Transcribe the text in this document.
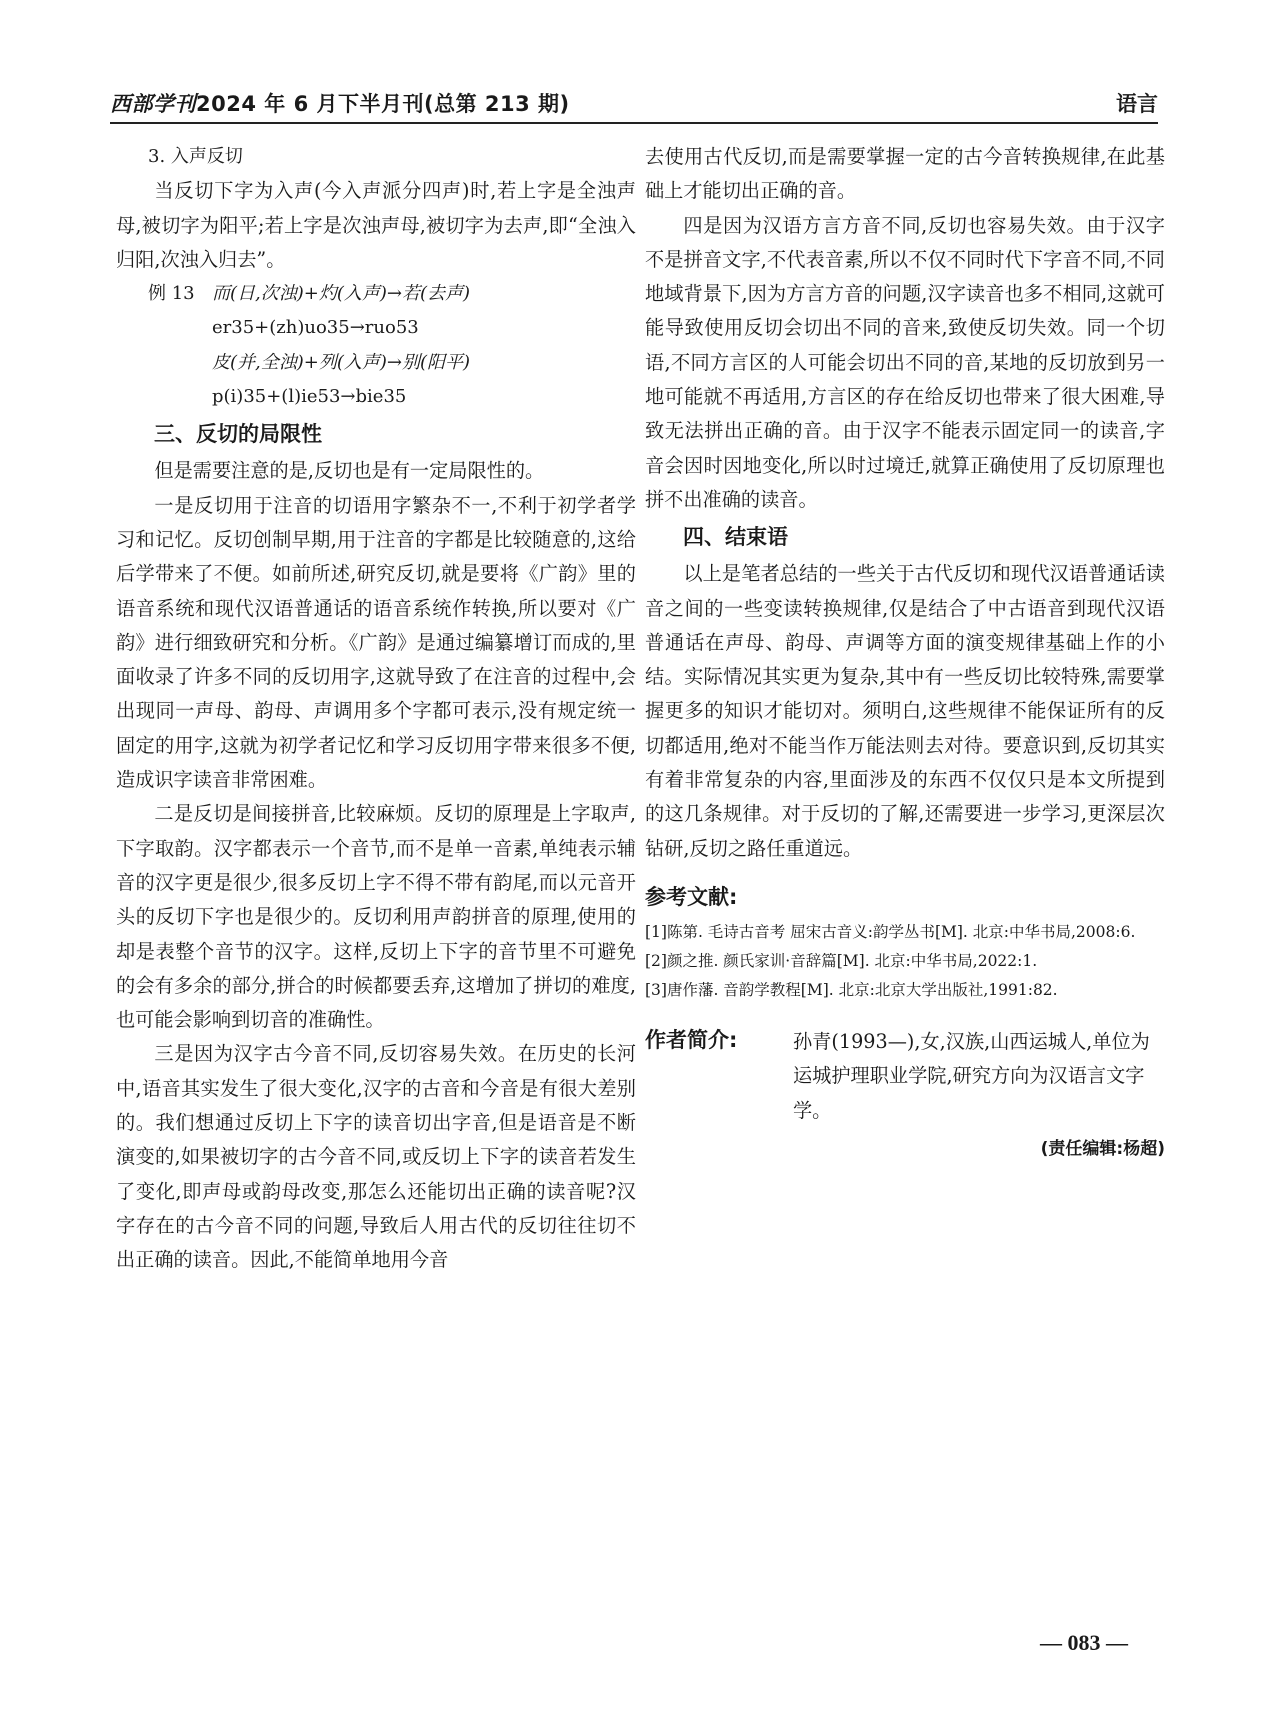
西部学刊2024 年 6 月下半月刊(总第 213 期)	语言
3. 入声反切

当反切下字为入声(今入声派分四声)时,若上字是全浊声母,被切字为阳平;若上字是次浊声母,被切字为去声,即“全浊入归阳,次浊入归去”。

例 13 而(日,次浊)+灼(入声)→若(去声)
er35+(zh)uo35→ruo53
皮(并,全浊)+列(入声)→别(阳平)
p(i)35+(l)ie53→bie35
三、反切的局限性

但是需要注意的是,反切也是有一定局限性的。

一是反切用于注音的切语用字繁杂不一,不利于初学者学习和记忆。反切创制早期,用于注音的字都是比较随意的,这给后学带来了不便。如前所述,研究反切,就是要将《广韵》里的语音系统和现代汉语普通话的语音系统作转换,所以要对《广韵》进行细致研究和分析。《广韵》是通过编纂增订而成的,里面收录了许多不同的反切用字,这就导致了在注音的过程中,会出现同一声母、韵母、声调用多个字都可表示,没有规定统一固定的用字,这就为初学者记忆和学习反切用字带来很多不便,造成识字读音非常困难。

二是反切是间接拼音,比较麻烦。反切的原理是上字取声,下字取韵。汉字都表示一个音节,而不是单一音素,单纯表示辅音的汉字更是很少,很多反切上字不得不带有韵尾,而以元音开头的反切下字也是很少的。反切利用声韵拼音的原理,使用的却是表整个音节的汉字。这样,反切上下字的音节里不可避免的会有多余的部分,拼合的时候都要丢弃,这增加了拼切的难度,也可能会影响到切音的准确性。

三是因为汉字古今音不同,反切容易失效。在历史的长河中,语音其实发生了很大变化,汉字的古音和今音是有很大差别的。我们想通过反切上下字的读音切出字音,但是语音是不断演变的,如果被切字的古今音不同,或反切上下字的读音若发生了变化,即声母或韵母改变,那怎么还能切出正确的读音呢?汉字存在的古今音不同的问题,导致后人用古代的反切往往切不出正确的读音。因此,不能简单地用今音

去使用古代反切,而是需要掌握一定的古今音转换规律,在此基础上才能切出正确的音。

四是因为汉语方言方音不同,反切也容易失效。由于汉字不是拼音文字,不代表音素,所以不仅不同时代下字音不同,不同地域背景下,因为方言方音的问题,汉字读音也多不相同,这就可能导致使用反切会切出不同的音来,致使反切失效。同一个切语,不同方言区的人可能会切出不同的音,某地的反切放到另一地可能就不再适用,方言区的存在给反切也带来了很大困难,导致无法拼出正确的音。由于汉字不能表示固定同一的读音,字音会因时因地变化,所以时过境迁,就算正确使用了反切原理也拼不出准确的读音。

四、结束语

以上是笔者总结的一些关于古代反切和现代汉语普通话读音之间的一些变读转换规律,仅是结合了中古语音到现代汉语普通话在声母、韵母、声调等方面的演变规律基础上作的小结。实际情况其实更为复杂,其中有一些反切比较特殊,需要掌握更多的知识才能切对。须明白,这些规律不能保证所有的反切都适用,绝对不能当作万能法则去对待。要意识到,反切其实有着非常复杂的内容,里面涉及的东西不仅仅只是本文所提到的这几条规律。对于反切的了解,还需要进一步学习,更深层次钻研,反切之路任重道远。

参考文献:

[1]陈第. 毛诗古音考 屈宋古音义:韵学丛书[M]. 北京:中华书局,2008:6.

[2]颜之推. 颜氏家训·音辞篇[M]. 北京:中华书局,2022:1.

[3]唐作藩. 音韵学教程[M]. 北京:北京大学出版社,1991:82.

作者简介:	孙青(1993—),女,汉族,山西运城人,单位为运城护理职业学院,研究方向为汉语言文字学。
(责任编辑:杨超)
— 083 —
